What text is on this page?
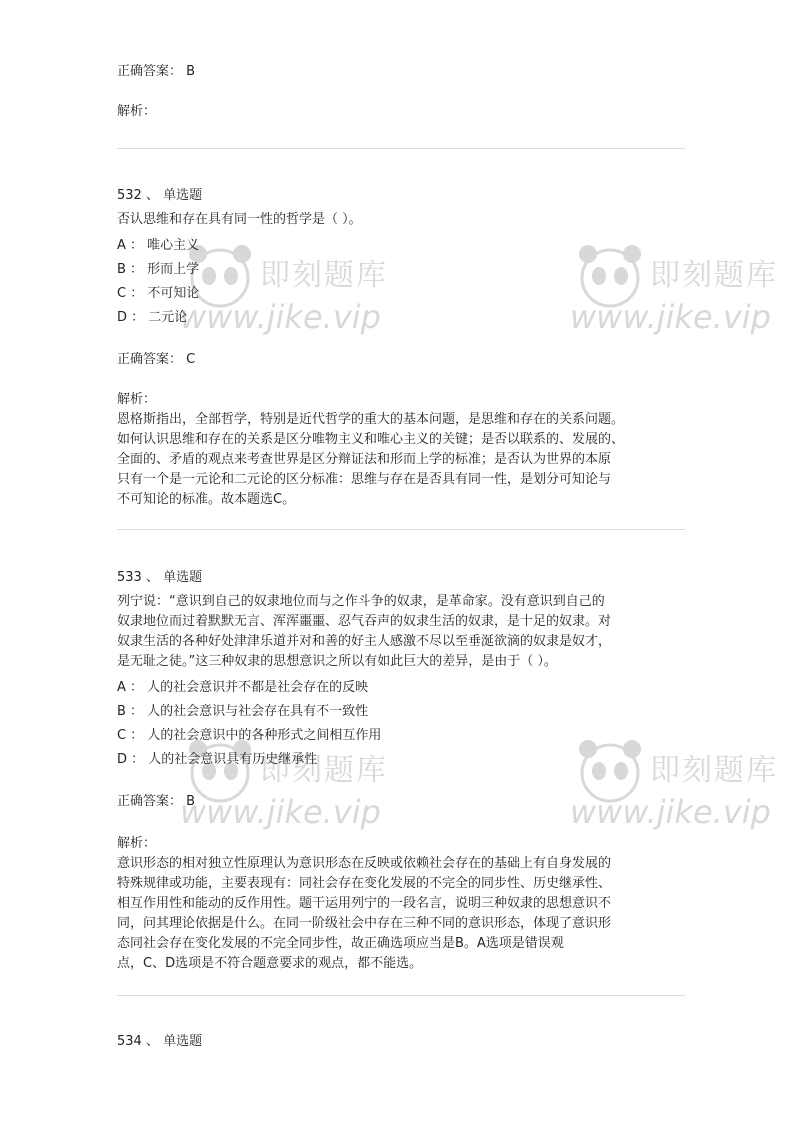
即刻题库
www.jike.vip
即刻题库
www.jike.vip
即刻题库
www.jike.vip
即刻题库
www.jike.vip
正确答案： B
解析：
532 、 单选题
否认思维和存在具有同一性的哲学是（ ）。
A ： 唯心主义
B ： 形而上学
C ： 不可知论
D ： 二元论
正确答案： C
解析：

恩格斯指出，全部哲学，特别是近代哲学的重大的基本问题，是思维和存在的关系问题。

如何认识思维和存在的关系是区分唯物主义和唯心主义的关键；是否以联系的、发展的、

全面的、矛盾的观点来考查世界是区分辩证法和形而上学的标准；是否认为世界的本原

只有一个是一元论和二元论的区分标准：思维与存在是否具有同一性，是划分可知论与

不可知论的标准。故本题选C。

533 、 单选题

列宁说：“意识到自己的奴隶地位而与之作斗争的奴隶，是革命家。没有意识到自己的

奴隶地位而过着默默无言、浑浑噩噩、忍气吞声的奴隶生活的奴隶，是十足的奴隶。对

奴隶生活的各种好处津津乐道并对和善的好主人感激不尽以至垂涎欲滴的奴隶是奴才，

是无耻之徒。”这三种奴隶的思想意识之所以有如此巨大的差异，是由于（ ）。

A ： 人的社会意识并不都是社会存在的反映
B ： 人的社会意识与社会存在具有不一致性
C ： 人的社会意识中的各种形式之间相互作用
D ： 人的社会意识具有历史继承性
正确答案： B
解析：

意识形态的相对独立性原理认为意识形态在反映或依赖社会存在的基础上有自身发展的

特殊规律或功能，主要表现有：同社会存在变化发展的不完全的同步性、历史继承性、

相互作用性和能动的反作用性。题干运用列宁的一段名言，说明三种奴隶的思想意识不

同，问其理论依据是什么。在同一阶级社会中存在三种不同的意识形态，体现了意识形

态同社会存在变化发展的不完全同步性，故正确选项应当是B。A选项是错误观

点，C、D选项是不符合题意要求的观点，都不能选。

534 、 单选题
